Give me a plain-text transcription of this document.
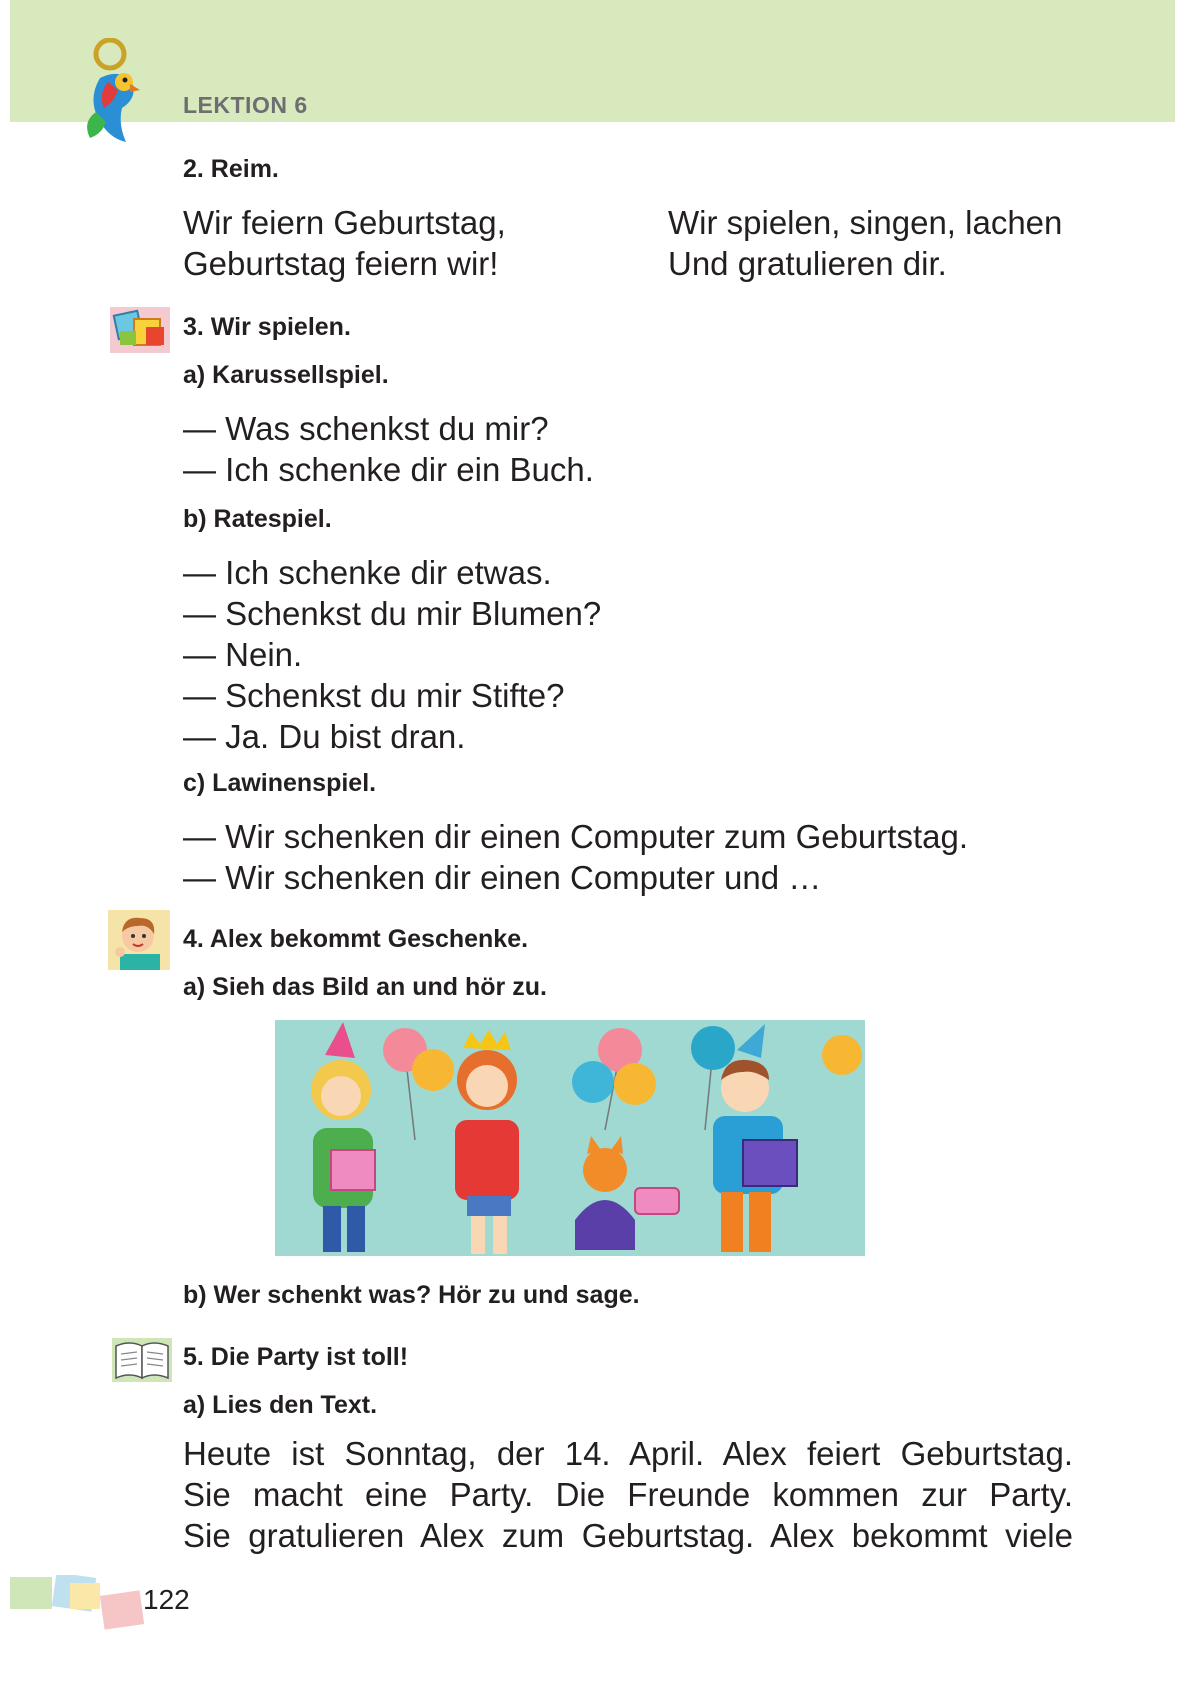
LEKTION 6
2. Reim.
Wir feiern Geburtstag,
Geburtstag feiern wir!
Wir spielen, singen, lachen
Und gratulieren dir.
3. Wir spielen.
a) Karussellspiel.
— Was schenkst du mir?
— Ich schenke dir ein Buch.
b) Ratespiel.
— Ich schenke dir etwas.
— Schenkst du mir Blumen?
— Nein.
— Schenkst du mir Stifte?
— Ja. Du bist dran.
c) Lawinenspiel.
— Wir schenken dir einen Computer zum Geburtstag.
— Wir schenken dir einen Computer und …
4. Alex bekommt Geschenke.
a) Sieh das Bild an und hör zu.
b) Wer schenkt was? Hör zu und sage.
5. Die Party ist toll!
a) Lies den Text.
Heute ist Sonntag, der 14. April. Alex feiert Geburtstag.
Sie macht eine Party. Die Freunde kommen zur Party.
Sie gratulieren Alex zum Geburtstag. Alex bekommt viele
122
